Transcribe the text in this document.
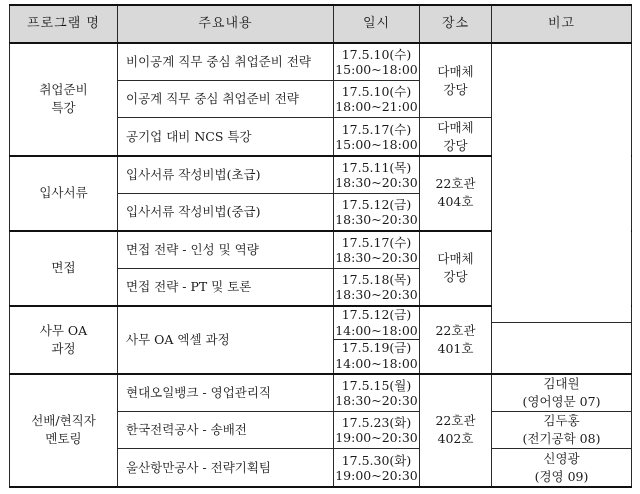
프로그램 명	주요내용	일시	장소	비고	

취업준비
특강	비이공계 직무 중심 취업준비 전략	17.5.10(수)
15:00~18:00	다매체
강당		

	이공계 직무 중심 취업준비 전략	17.5.10(수)
18:00~21:00			

	공기업 대비 NCS 특강	17.5.17(수)
15:00~18:00	다매체
강당		

입사서류	입사서류 작성비법(초급)	17.5.11(목)
18:30~20:30	22호관
404호		

	입사서류 작성비법(중급)	17.5.12(금)
18:30~20:30			

면접	면접 전략 - 인성 및 역량	17.5.17(수)
18:30~20:30	다매체
강당		

	면접 전략 - PT 및 토론	17.5.18(목)
18:30~20:30			

사무 OA
과정	사무 OA 엑셀 과정	17.5.12(금)
14:00~18:00	22호관
401호		

		17.5.19(금)
14:00~18:00			

선배/현직자
멘토링	현대오일뱅크 - 영업관리직	17.5.15(월)
18:30~20:30	22호관
402호	김대원
(영어영문 07)	

	한국전력공사 - 송배전	17.5.23(화)
19:00~20:30		김두홍
(전기공학 08)	

	울산항만공사 - 전략기획팀	17.5.30(화)
19:00~20:30		신영광
(경영 09)	
